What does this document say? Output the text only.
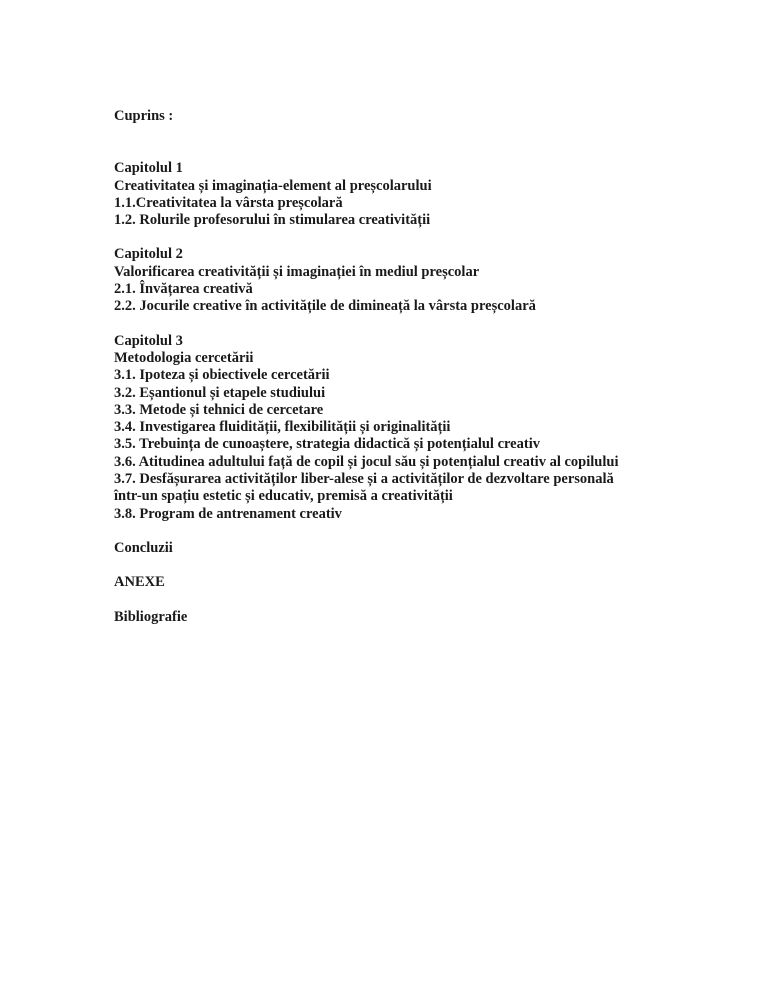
Cuprins :
Capitolul 1
Creativitatea și imaginația-element al preșcolarului
1.1.Creativitatea la vârsta preșcolară
1.2. Rolurile profesorului în stimularea creativității
Capitolul 2
Valorificarea creativității și imaginației în mediul preșcolar
2.1. Învățarea creativă
2.2. Jocurile creative în activitățile de dimineață la vârsta preșcolară
Capitolul 3
Metodologia cercetării
3.1. Ipoteza și obiectivele cercetării
3.2. Eșantionul și etapele studiului
3.3. Metode și tehnici de cercetare
3.4. Investigarea fluidității, flexibilității și originalității
3.5. Trebuința de cunoaștere, strategia didactică și potențialul creativ
3.6. Atitudinea adultului față de copil și jocul său și potențialul creativ al copilului
3.7. Desfășurarea activităților liber-alese și a activităților de dezvoltare personală
într-un spațiu estetic și educativ, premisă a creativității
3.8. Program de antrenament creativ
Concluzii
ANEXE
Bibliografie
